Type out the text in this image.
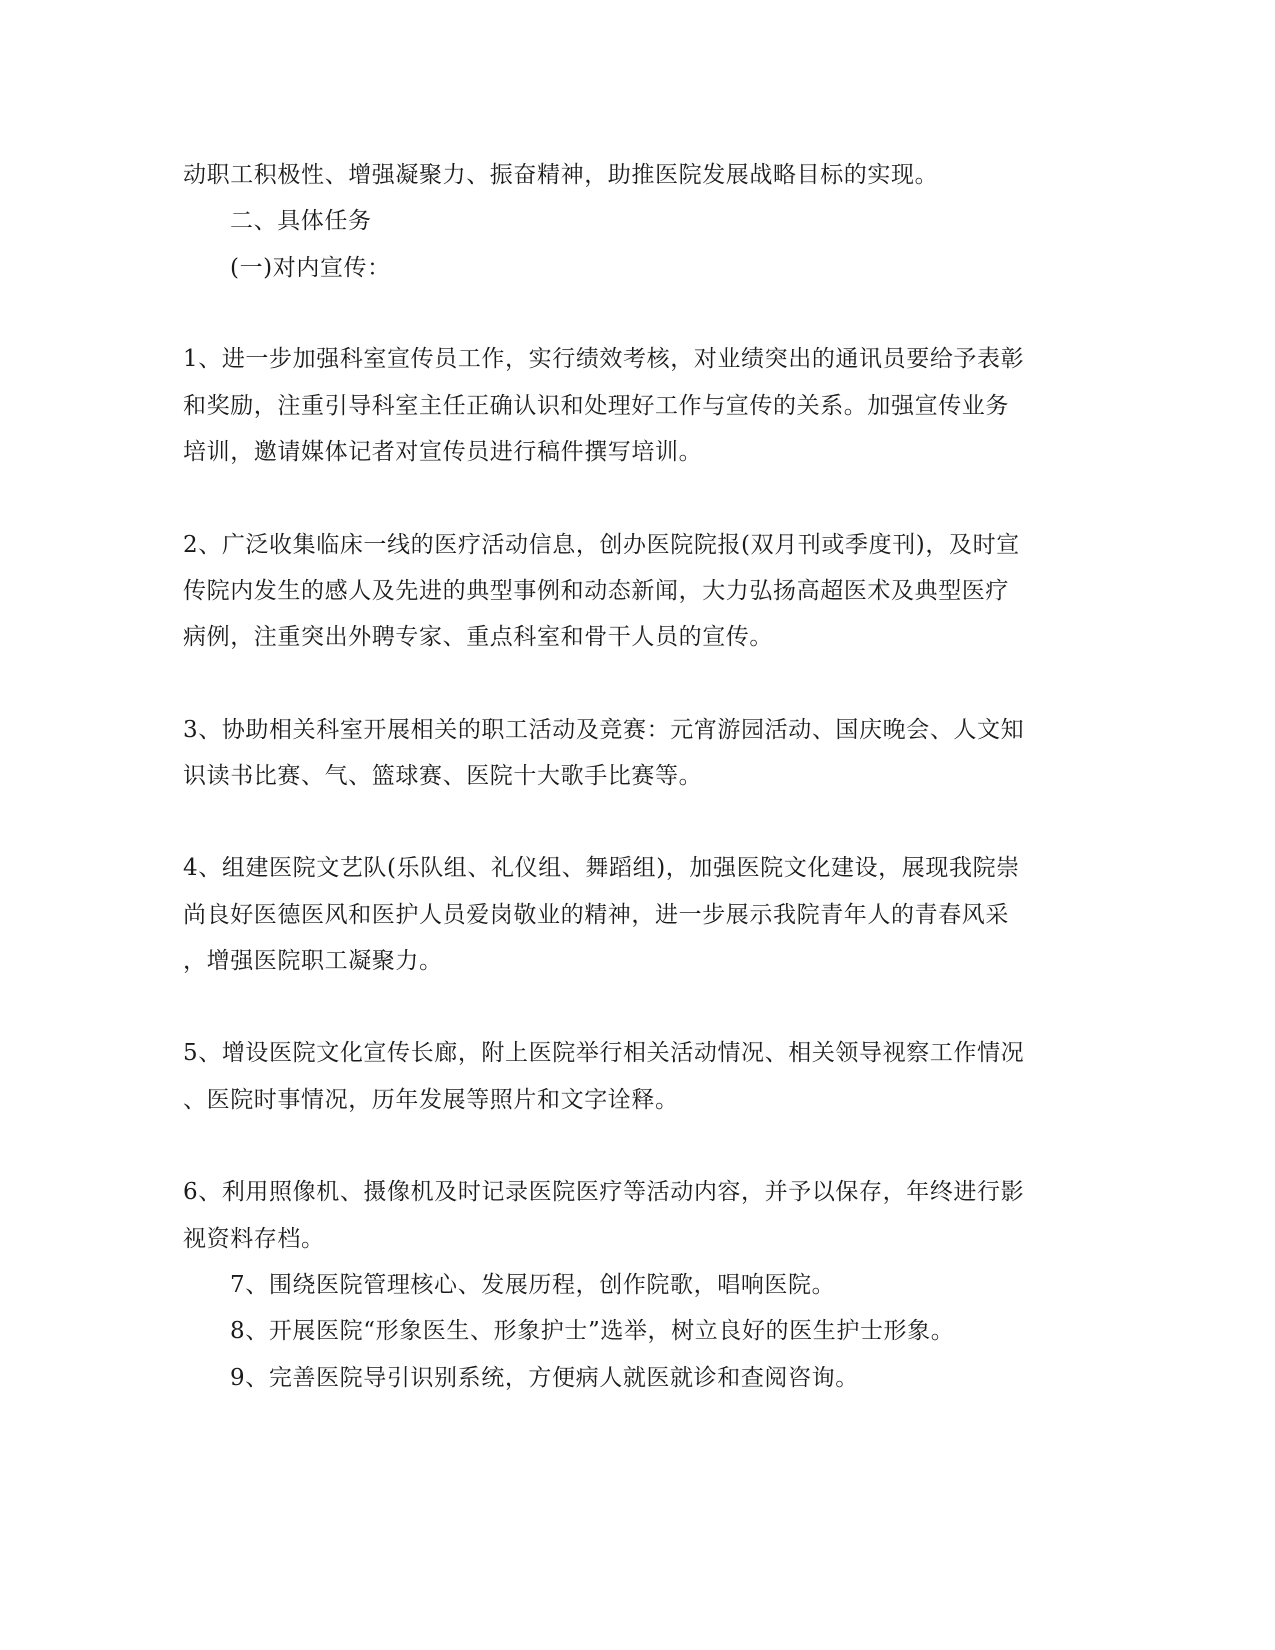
动职工积极性、增强凝聚力、振奋精神，助推医院发展战略目标的实现。
二、具体任务
(一)对内宣传：
1、进一步加强科室宣传员工作，实行绩效考核，对业绩突出的通讯员要给予表彰
和奖励，注重引导科室主任正确认识和处理好工作与宣传的关系。加强宣传业务
培训，邀请媒体记者对宣传员进行稿件撰写培训。
2、广泛收集临床一线的医疗活动信息，创办医院院报(双月刊或季度刊)，及时宣
传院内发生的感人及先进的典型事例和动态新闻，大力弘扬高超医术及典型医疗
病例，注重突出外聘专家、重点科室和骨干人员的宣传。
3、协助相关科室开展相关的职工活动及竞赛：元宵游园活动、国庆晚会、人文知
识读书比赛、气、篮球赛、医院十大歌手比赛等。
4、组建医院文艺队(乐队组、礼仪组、舞蹈组)，加强医院文化建设，展现我院崇
尚良好医德医风和医护人员爱岗敬业的精神，进一步展示我院青年人的青春风采
，增强医院职工凝聚力。
5、增设医院文化宣传长廊，附上医院举行相关活动情况、相关领导视察工作情况
、医院时事情况，历年发展等照片和文字诠释。
6、利用照像机、摄像机及时记录医院医疗等活动内容，并予以保存，年终进行影
视资料存档。
7、围绕医院管理核心、发展历程，创作院歌，唱响医院。
8、开展医院“形象医生、形象护士”选举，树立良好的医生护士形象。
9、完善医院导引识别系统，方便病人就医就诊和查阅咨询。
